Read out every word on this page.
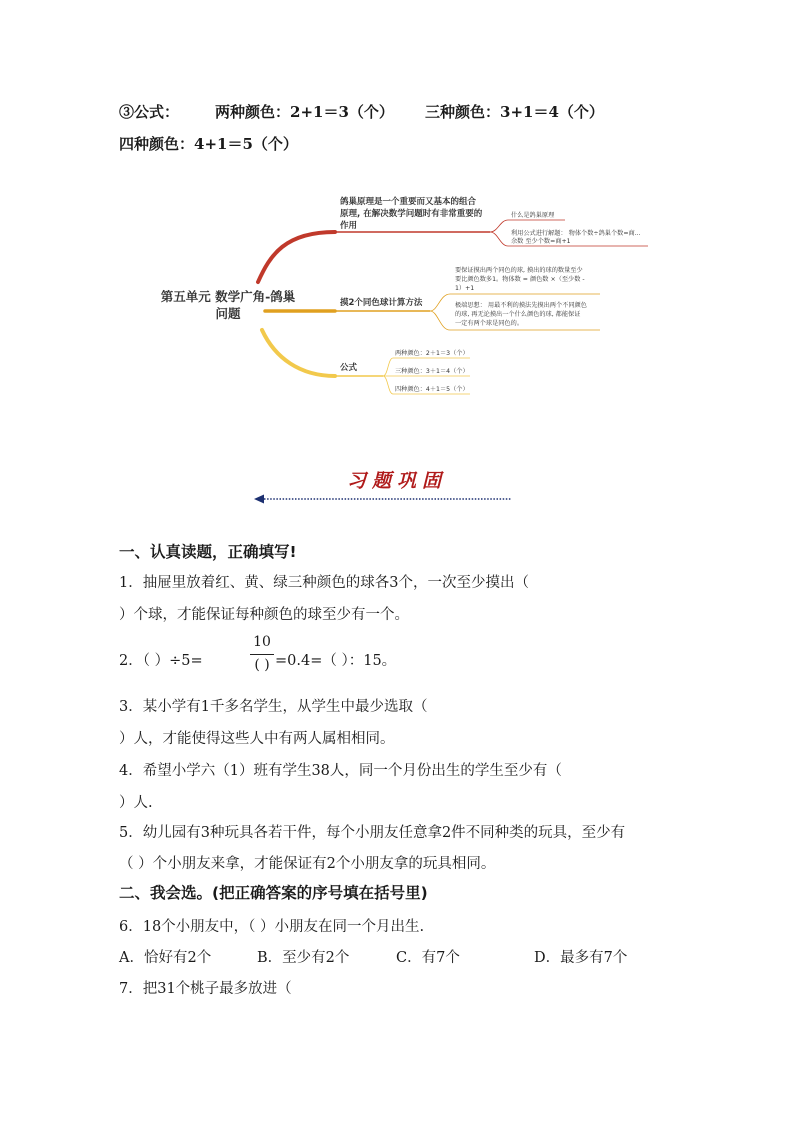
③公式： 两种颜色：2+1＝3（个） 三种颜色：3+1＝4（个）
四种颜色：4+1＝5（个）
第五单元 数学广角-鸽巢
问题
鸽巢原理是一个重要而又基本的组合
原理, 在解决数学问题时有非常重要的
作用
什么是鸽巢原理
利用公式进行解题： 物体个数÷鸽巢个数=商...
余数 至少个数=商+1
摸2个同色球计算方法
要保证摸出两个同色的球, 摸出的球的数量至少
要比颜色数多1。物体数 = 颜色数 ×（至少数 -
1）+1
极端思想： 用最不利的摸法先摸出两个不同颜色
的球, 再无论摸出一个什么颜色的球, 都能保证
一定有两个球是同色的。
公式
两种颜色：2＋1＝3（个）
三种颜色：3＋1＝4（个）
四种颜色：4＋1＝5（个）
习题巩固
一、认真读题，正确填写!
1．抽屉里放着红、黄、绿三种颜色的球各3个，一次至少摸出（
）个球，才能保证每种颜色的球至少有一个。
2．（ ）÷5=
10
( ) =0.4=（ ）：15。
3．某小学有1千多名学生，从学生中最少选取（
）人，才能使得这些人中有两人属相相同。
4．希望小学六（1）班有学生38人，同一个月份出生的学生至少有（
）人.
5．幼儿园有3种玩具各若干件，每个小朋友任意拿2件不同种类的玩具，至少有
（ ）个小朋友来拿，才能保证有2个小朋友拿的玩具相同。
二、我会选。(把正确答案的序号填在括号里)
6．18个小朋友中，（ ）小朋友在同一个月出生.
A．恰好有2个	B．至少有2个	C．有7个	D．最多有7个
7．把31个桃子最多放进（
